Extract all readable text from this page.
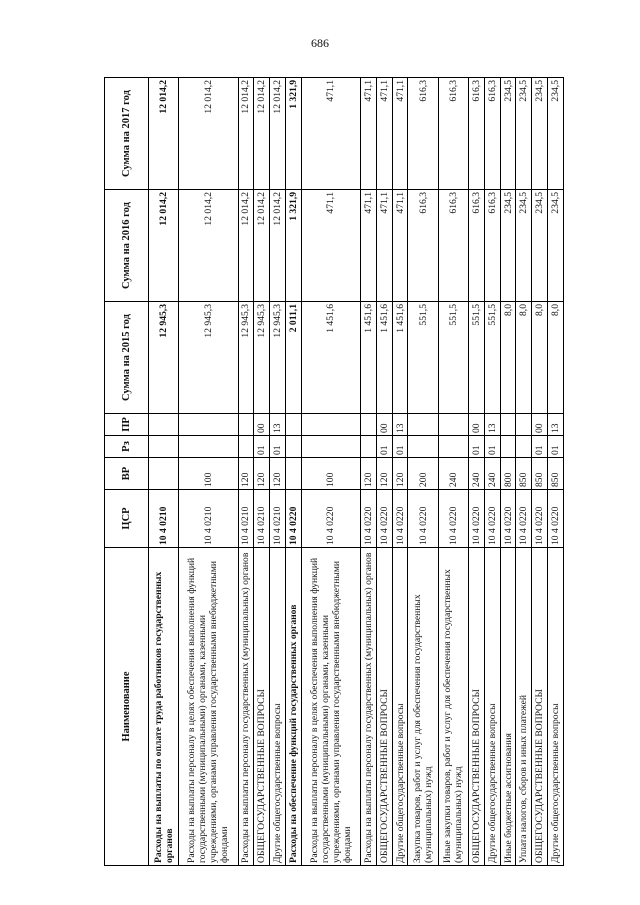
686
Наименование	ЦСР	ВР	Рз	ПР	Сумма на 2015 год	Сумма на 2016 год	Сумма на 2017 год
Расходы на выплаты по оплате труда работников государственных органов	10 4 0210				12 945,3	12 014,2	12 014,2
Расходы на выплаты персоналу в целях обеспечения выполнения функций государственными (муниципальными) органами, казенными учреждениями, органами управления государственными внебюджетными фондами	10 4 0210	100			12 945,3	12 014,2	12 014,2
Расходы на выплаты персоналу государственных (муниципальных) органов	10 4 0210	120			12 945,3	12 014,2	12 014,2
ОБЩЕГОСУДАРСТВЕННЫЕ ВОПРОСЫ	10 4 0210	120	01	00	12 945,3	12 014,2	12 014,2
Другие общегосударственные вопросы	10 4 0210	120	01	13	12 945,3	12 014,2	12 014,2
Расходы на обеспечение функций государственных органов	10 4 0220				2 011,1	1 321,9	1 321,9
Расходы на выплаты персоналу в целях обеспечения выполнения функций государственными (муниципальными) органами, казенными учреждениями, органами управления государственными внебюджетными фондами	10 4 0220	100			1 451,6	471,1	471,1
Расходы на выплаты персоналу государственных (муниципальных) органов	10 4 0220	120			1 451,6	471,1	471,1
ОБЩЕГОСУДАРСТВЕННЫЕ ВОПРОСЫ	10 4 0220	120	01	00	1 451,6	471,1	471,1
Другие общегосударственные вопросы	10 4 0220	120	01	13	1 451,6	471,1	471,1
Закупка товаров, работ и услуг для обеспечения государственных (муниципальных) нужд	10 4 0220	200			551,5	616,3	616,3
Иные закупки товаров, работ и услуг для обеспечения государственных (муниципальных) нужд	10 4 0220	240			551,5	616,3	616,3
ОБЩЕГОСУДАРСТВЕННЫЕ ВОПРОСЫ	10 4 0220	240	01	00	551,5	616,3	616,3
Другие общегосударственные вопросы	10 4 0220	240	01	13	551,5	616,3	616,3
Иные бюджетные ассигнования	10 4 0220	800			8,0	234,5	234,5
Уплата налогов, сборов и иных платежей	10 4 0220	850			8,0	234,5	234,5
ОБЩЕГОСУДАРСТВЕННЫЕ ВОПРОСЫ	10 4 0220	850	01	00	8,0	234,5	234,5
Другие общегосударственные вопросы	10 4 0220	850	01	13	8,0	234,5	234,5
